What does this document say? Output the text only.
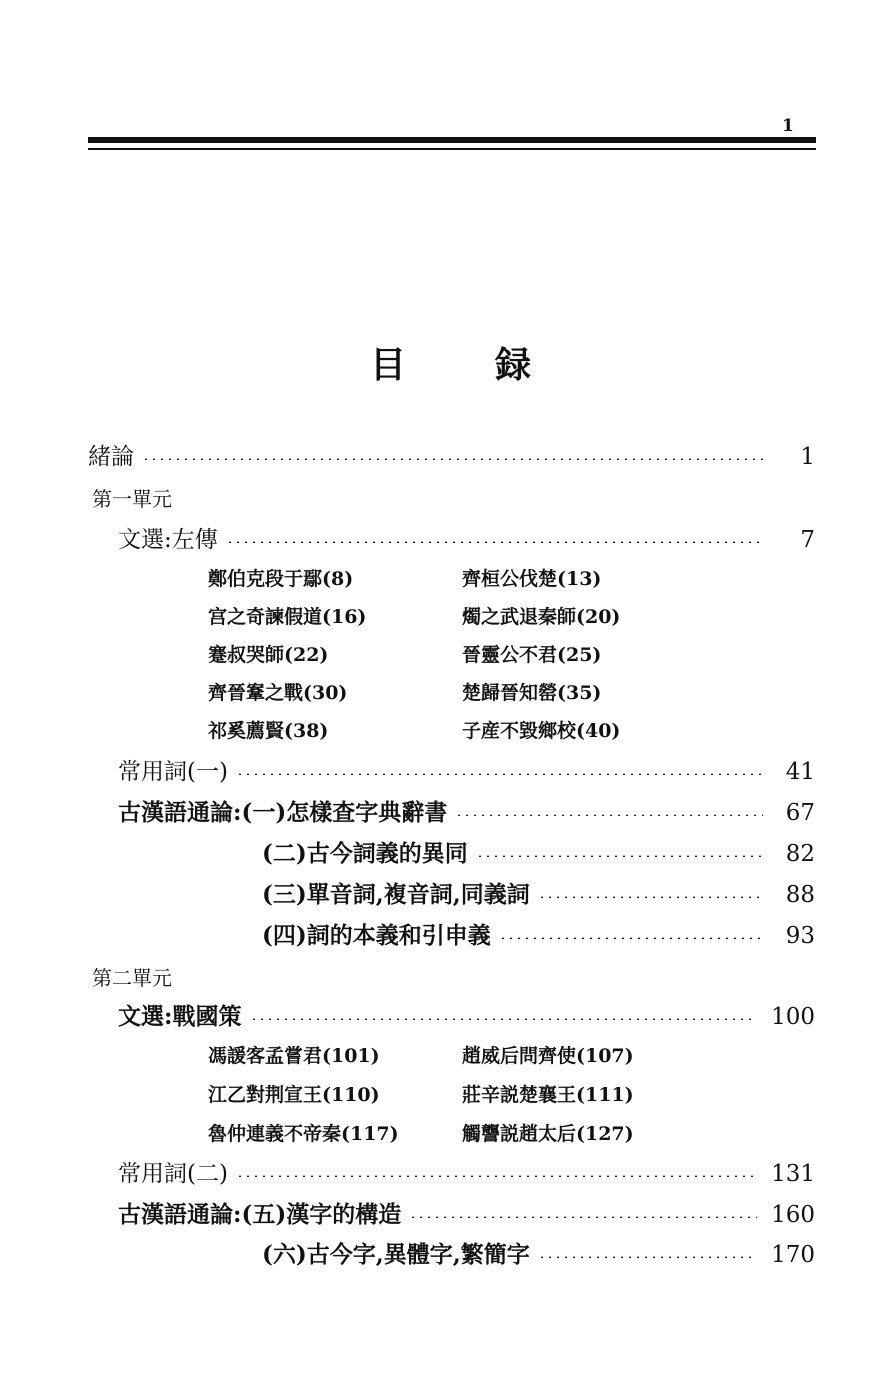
1
目 録
緒論	1
第一單元
文選:左傳	7
鄭伯克段于鄢(8)	齊桓公伐楚(13)
宫之奇諫假道(16)	燭之武退秦師(20)
蹇叔哭師(22)	晉靈公不君(25)
齊晉鞌之戰(30)	楚歸晉知罃(35)
祁奚薦賢(38)	子産不毀鄉校(40)
常用詞(一)	41
古漢語通論:(一)怎樣查字典辭書	67
(二)古今詞義的異同	82
(三)單音詞,複音詞,同義詞	88
(四)詞的本義和引申義	93
第二單元
文選:戰國策	100
馮諼客孟嘗君(101)	趙威后問齊使(107)
江乙對荆宣王(110)	莊辛説楚襄王(111)
魯仲連義不帝秦(117)	觸讋説趙太后(127)
常用詞(二)	131
古漢語通論:(五)漢字的構造	160
(六)古今字,異體字,繁簡字	170
